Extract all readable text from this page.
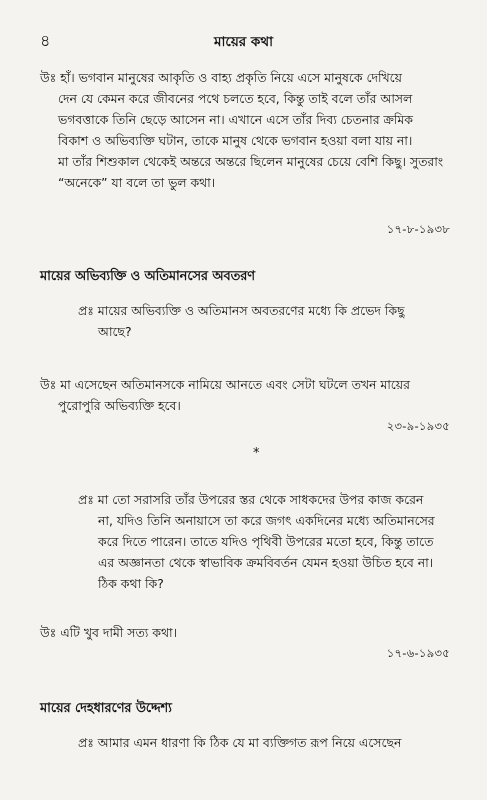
৪	মায়ের কথা
উঃ হাঁ। ভগবান মানুষের আকৃতি ও বাহ্য প্রকৃতি নিয়ে এসে মানুষকে দেখিয়ে
দেন যে কেমন করে জীবনের পথে চলতে হবে, কিন্তু তাই বলে তাঁর আসল
ভগবত্তাকে তিনি ছেড়ে আসেন না। এখানে এসে তাঁর দিব্য চেতনার ক্রমিক
বিকাশ ও অভিব্যক্তি ঘটান, তাকে মানুষ থেকে ভগবান হওয়া বলা যায় না।
মা তাঁর শিশুকাল থেকেই অন্তরে অন্তরে ছিলেন মানুষের চেয়ে বেশি কিছু। সুতরাং
“অনেকে” যা বলে তা ভুল কথা।
১৭-৮-১৯৩৮
মায়ের অভিব্যক্তি ও অতিমানসের অবতরণ
প্রঃ মায়ের অভিব্যক্তি ও অতিমানস অবতরণের মধ্যে কি প্রভেদ কিছু
আছে?
উঃ মা এসেছেন অতিমানসকে নামিয়ে আনতে এবং সেটা ঘটলে তখন মায়ের
পুরোপুরি অভিব্যক্তি হবে।
২৩-৯-১৯৩৫
*
প্রঃ মা তো সরাসরি তাঁর উপরের স্তর থেকে সাধকদের উপর কাজ করেন
না, যদিও তিনি অনায়াসে তা করে জগৎ একদিনের মধ্যে অতিমানসের
করে দিতে পারেন। তাতে যদিও পৃথিবী উপরের মতো হবে, কিন্তু তাতে
এর অজ্ঞানতা থেকে স্বাভাবিক ক্রমবিবর্তন যেমন হওয়া উচিত হবে না।
ঠিক কথা কি?
উঃ এটি খুব দামী সত্য কথা।
১৭-৬-১৯৩৫
মায়ের দেহধারণের উদ্দেশ্য
প্রঃ আমার এমন ধারণা কি ঠিক যে মা ব্যক্তিগত রূপ নিয়ে এসেছেন
